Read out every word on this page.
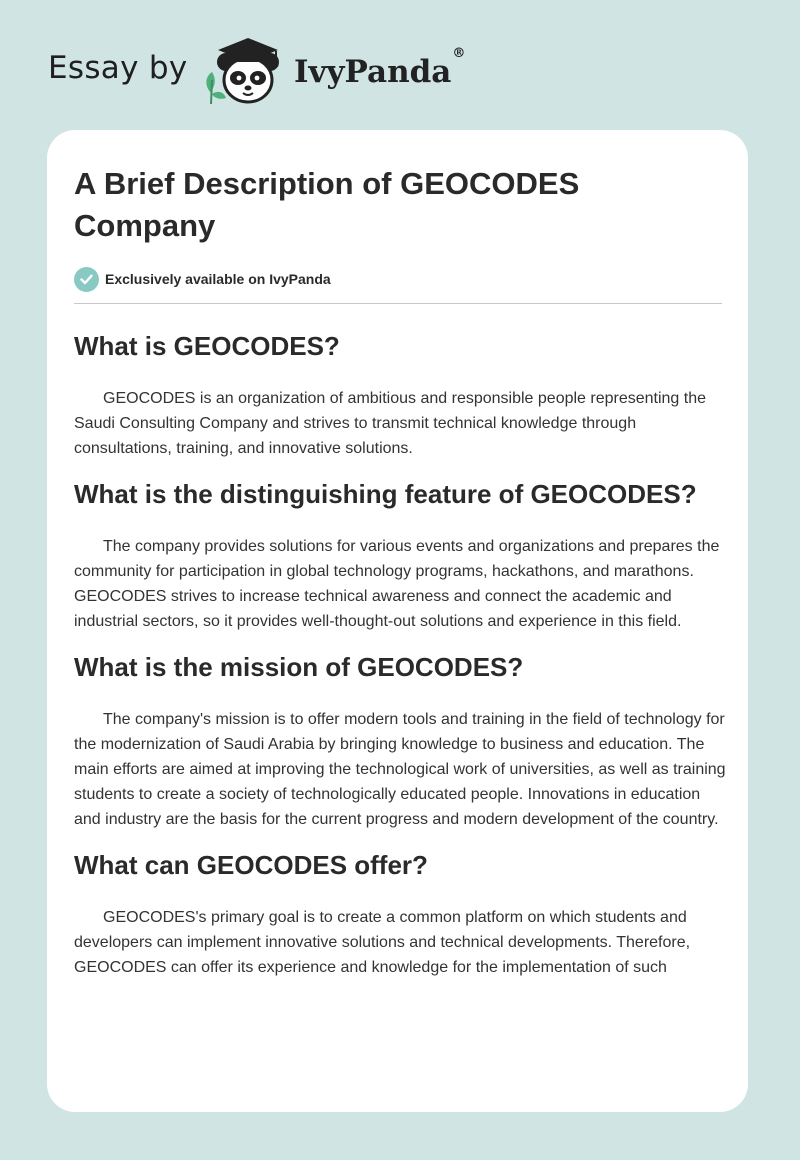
Essay by	IvyPanda®
A Brief Description of GEOCODES Company
Exclusively available on IvyPanda
What is GEOCODES?

GEOCODES is an organization of ambitious and responsible people representing the Saudi Consulting Company and strives to transmit technical knowledge through consultations, training, and innovative solutions.

What is the distinguishing feature of GEOCODES?

The company provides solutions for various events and organizations and prepares the community for participation in global technology programs, hackathons, and marathons. GEOCODES strives to increase technical awareness and connect the academic and industrial sectors, so it provides well-thought-out solutions and experience in this field.

What is the mission of GEOCODES?

The company's mission is to offer modern tools and training in the field of technology for the modernization of Saudi Arabia by bringing knowledge to business and education. The main efforts are aimed at improving the technological work of universities, as well as training students to create a society of technologically educated people. Innovations in education and industry are the basis for the current progress and modern development of the country.

What can GEOCODES offer?

GEOCODES's primary goal is to create a common platform on which students and developers can implement innovative solutions and technical developments. Therefore, GEOCODES can offer its experience and knowledge for the implementation of such
